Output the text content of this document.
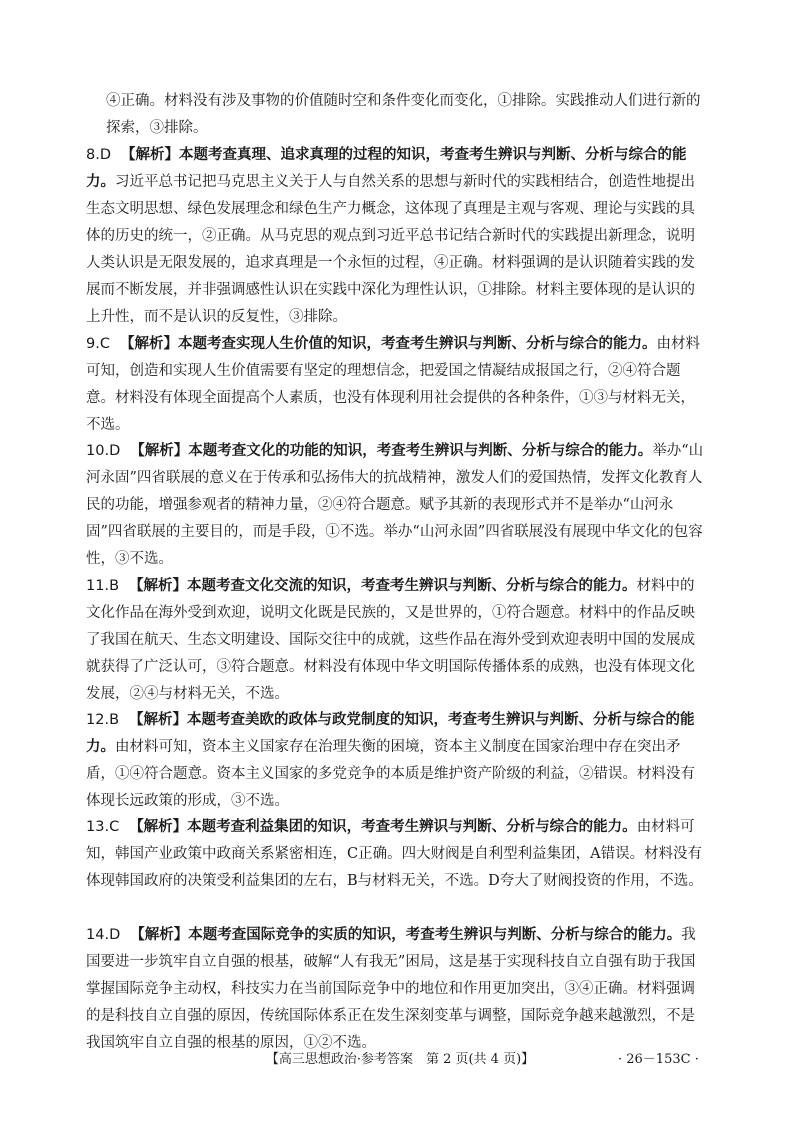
④正确。材料没有涉及事物的价值随时空和条件变化而变化，①排除。实践推动人们进行新的探索，③排除。
8.D 【解析】本题考查真理、追求真理的过程的知识，考查考生辨识与判断、分析与综合的能力。习近平总书记把马克思主义关于人与自然关系的思想与新时代的实践相结合，创造性地提出生态文明思想、绿色发展理念和绿色生产力概念，这体现了真理是主观与客观、理论与实践的具体的历史的统一，②正确。从马克思的观点到习近平总书记结合新时代的实践提出新理念，说明人类认识是无限发展的，追求真理是一个永恒的过程，④正确。材料强调的是认识随着实践的发展而不断发展，并非强调感性认识在实践中深化为理性认识，①排除。材料主要体现的是认识的上升性，而不是认识的反复性，③排除。
9.C 【解析】本题考查实现人生价值的知识，考查考生辨识与判断、分析与综合的能力。由材料可知，创造和实现人生价值需要有坚定的理想信念，把爱国之情凝结成报国之行，②④符合题意。材料没有体现全面提高个人素质，也没有体现利用社会提供的各种条件，①③与材料无关，不选。
10.D 【解析】本题考查文化的功能的知识，考查考生辨识与判断、分析与综合的能力。举办“山河永固”四省联展的意义在于传承和弘扬伟大的抗战精神，激发人们的爱国热情，发挥文化教育人民的功能，增强参观者的精神力量，②④符合题意。赋予其新的表现形式并不是举办“山河永固”四省联展的主要目的，而是手段，①不选。举办“山河永固”四省联展没有展现中华文化的包容性，③不选。
11.B 【解析】本题考查文化交流的知识，考查考生辨识与判断、分析与综合的能力。材料中的文化作品在海外受到欢迎，说明文化既是民族的，又是世界的，①符合题意。材料中的作品反映了我国在航天、生态文明建设、国际交往中的成就，这些作品在海外受到欢迎表明中国的发展成就获得了广泛认可，③符合题意。材料没有体现中华文明国际传播体系的成熟，也没有体现文化发展，②④与材料无关，不选。
12.B 【解析】本题考查美欧的政体与政党制度的知识，考查考生辨识与判断、分析与综合的能力。由材料可知，资本主义国家存在治理失衡的困境，资本主义制度在国家治理中存在突出矛盾，①④符合题意。资本主义国家的多党竞争的本质是维护资产阶级的利益，②错误。材料没有体现长远政策的形成，③不选。
13.C 【解析】本题考查利益集团的知识，考查考生辨识与判断、分析与综合的能力。由材料可知，韩国产业政策中政商关系紧密相连，C正确。四大财阀是自利型利益集团，A错误。材料没有体现韩国政府的决策受利益集团的左右，B与材料无关，不选。D夸大了财阀投资的作用，不选。
14.D 【解析】本题考查国际竞争的实质的知识，考查考生辨识与判断、分析与综合的能力。我国要进一步筑牢自立自强的根基，破解“人有我无”困局，这是基于实现科技自立自强有助于我国掌握国际竞争主动权，科技实力在当前国际竞争中的地位和作用更加突出，③④正确。材料强调的是科技自立自强的原因，传统国际体系正在发生深刻变革与调整，国际竞争越来越激烈，不是我国筑牢自立自强的根基的原因，①②不选。
【高三思想政治·参考答案　第 2 页(共 4 页)】	· 26－153C ·
